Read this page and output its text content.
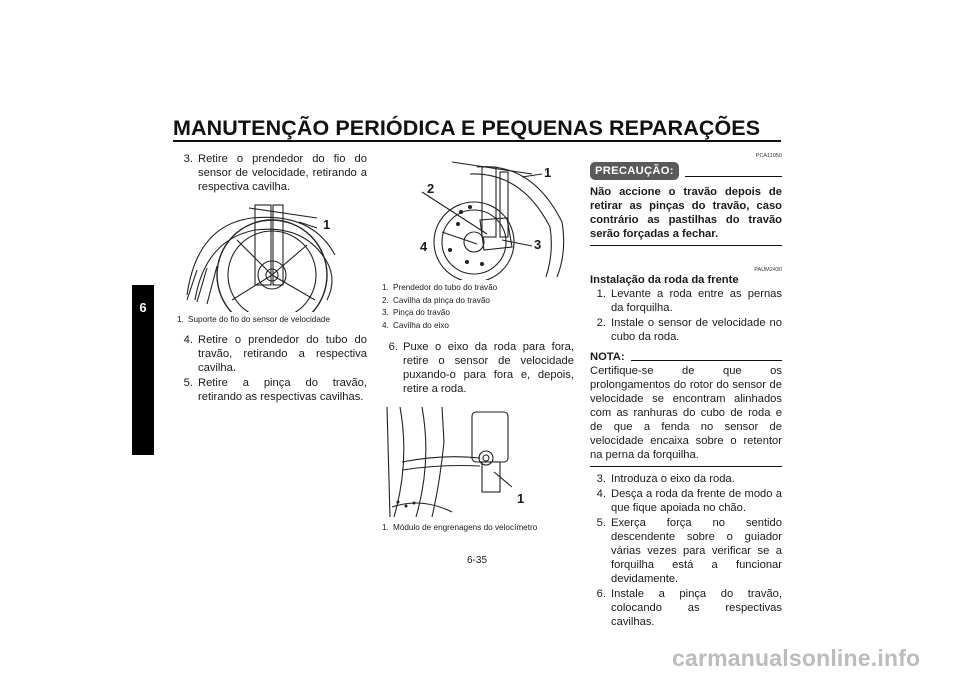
MANUTENÇÃO PERIÓDICA E PEQUENAS REPARAÇÕES
6
3. Retire o prendedor do fio do sensor de velocidade, retirando a respectiva cavilha.
1
1. Suporte do fio do sensor de velocidade
4. Retire o prendedor do tubo do travão, retirando a respectiva cavilha.
5. Retire a pinça do travão, retirando as respectivas cavilhas.
1
2
3
4
1. Prendedor do tubo do travão
2. Cavilha da pinça do travão
3. Pinça do travão
4. Cavilha do eixo
6. Puxe o eixo da roda para fora, retire o sensor de velocidade puxando-o para fora e, depois, retire a roda.
1
1. Módulo de engrenagens do velocímetro
PCA11050
PRECAUÇÃO:
Não accione o travão depois de retirar as pinças do travão, caso contrário as pastilhas do travão serão forçadas a fechar.
PAUM2430
Instalação da roda da frente
1. Levante a roda entre as pernas da forquilha.
2. Instale o sensor de velocidade no cubo da roda.
NOTA:
Certifique-se de que os prolongamentos do rotor do sensor de velocidade se encontram alinhados com as ranhuras do cubo de roda e de que a fenda no sensor de velocidade encaixa sobre o retentor na perna da forquilha.
3. Introduza o eixo da roda.
4. Desça a roda da frente de modo a que fique apoiada no chão.
5. Exerça força no sentido descendente sobre o guiador várias vezes para verificar se a forquilha está a funcionar devidamente.
6. Instale a pinça do travão, colocando as respectivas cavilhas.
6-35
carmanualsonline.info
